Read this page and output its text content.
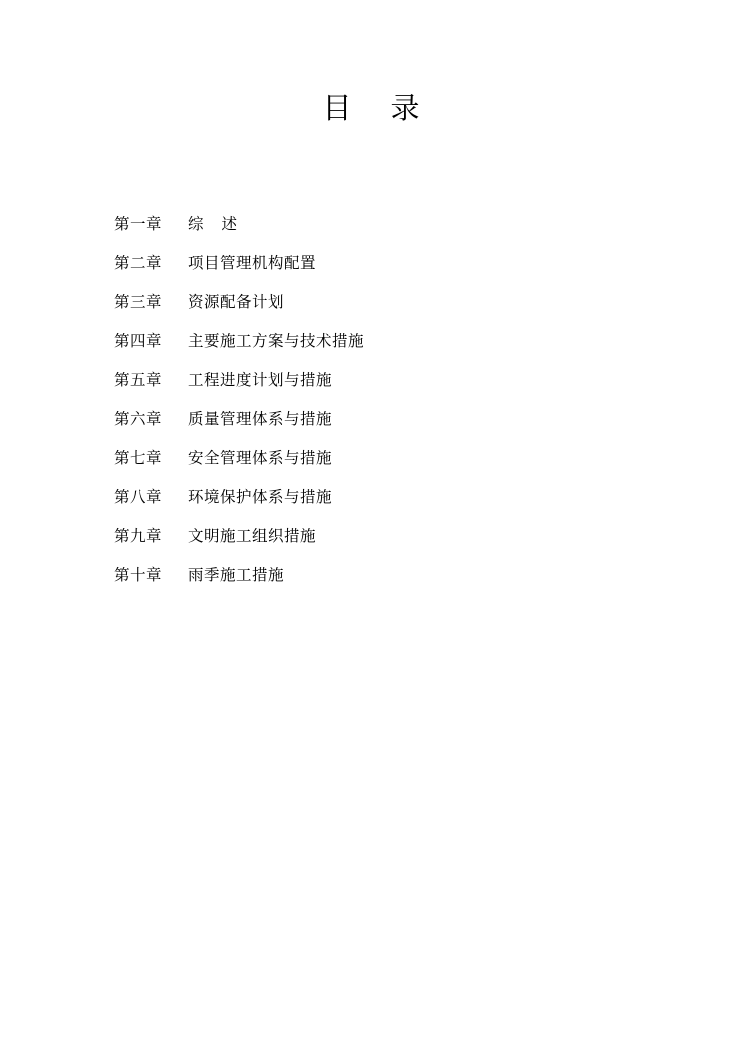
目    录
第一章	综    述
第二章	项目管理机构配置
第三章	资源配备计划
第四章	主要施工方案与技术措施
第五章	工程进度计划与措施
第六章	质量管理体系与措施
第七章	安全管理体系与措施
第八章	环境保护体系与措施
第九章	文明施工组织措施
第十章	雨季施工措施
